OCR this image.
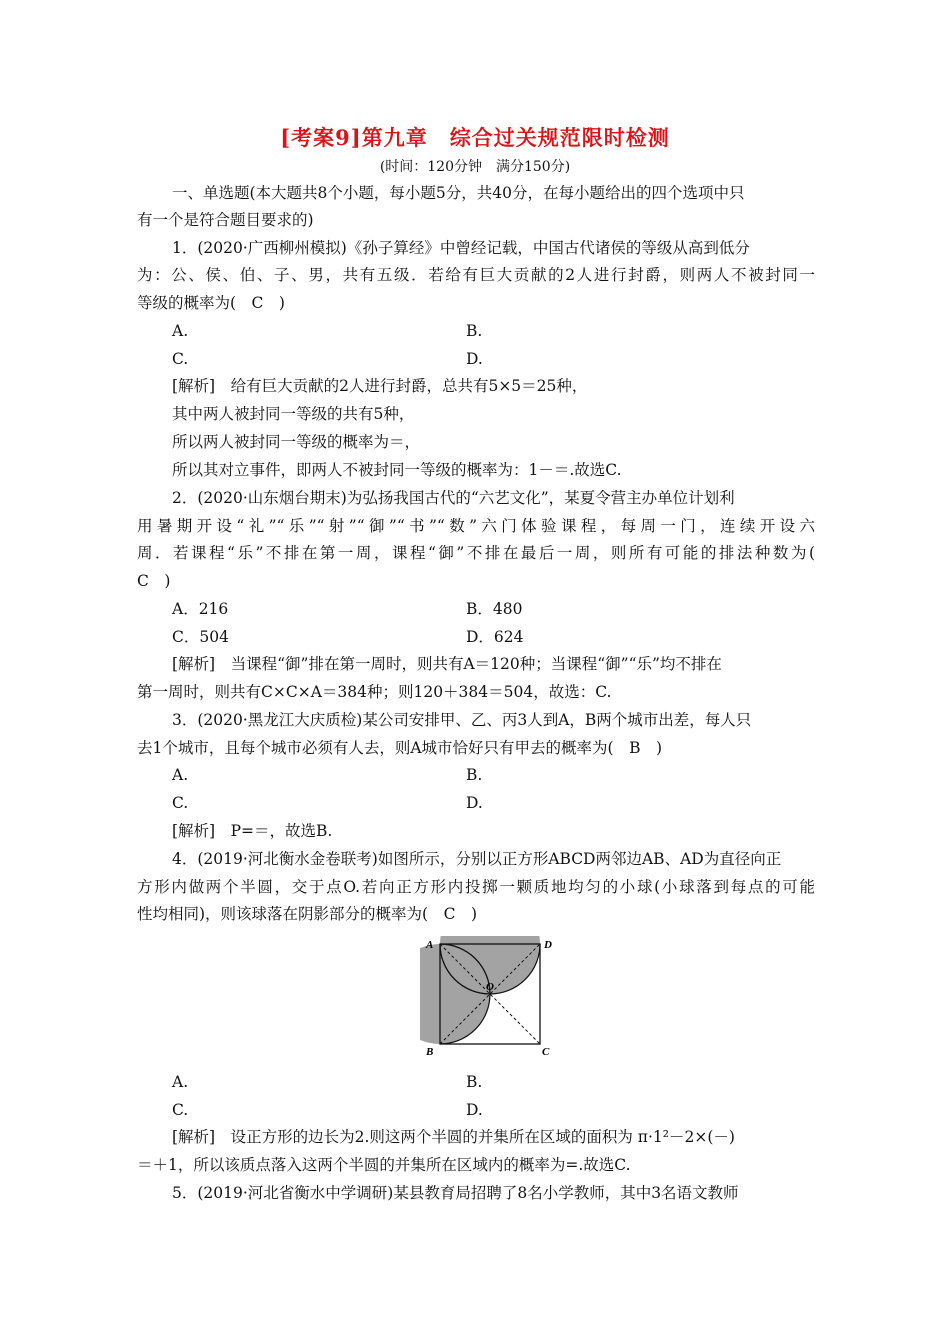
[考案9]第九章　综合过关规范限时检测
(时间：120分钟　满分150分)
一、单选题(本大题共8个小题，每小题5分，共40分，在每小题给出的四个选项中只
有一个是符合题目要求的)
1．(2020·广西柳州模拟)《孙子算经》中曾经记载，中国古代诸侯的等级从高到低分
为：公、侯、伯、子、男，共有五级．若给有巨大贡献的2人进行封爵，则两人不被封同一
等级的概率为(　C　)
A.	B.
C.	D.
[解析]　给有巨大贡献的2人进行封爵，总共有5×5＝25种，
其中两人被封同一等级的共有5种，
所以两人被封同一等级的概率为＝，
所以其对立事件，即两人不被封同一等级的概率为：1－＝.故选C.
2．(2020·山东烟台期末)为弘扬我国古代的“六艺文化”，某夏令营主办单位计划利
用暑期开设“礼”“乐”“射”“御”“书”“数”六门体验课程，每周一门，连续开设六
周．若课程“乐”不排在第一周，课程“御”不排在最后一周，则所有可能的排法种数为(
C　)
A．216	B．480
C．504	D．624
[解析]　当课程“御”排在第一周时，则共有A＝120种；当课程“御”“乐”均不排在
第一周时，则共有C×C×A＝384种；则120＋384＝504，故选：C.
3．(2020·黑龙江大庆质检)某公司安排甲、乙、丙3人到A，B两个城市出差，每人只
去1个城市，且每个城市必须有人去，则A城市恰好只有甲去的概率为(　B　)
A.	B.
C.	D.
[解析]　P=＝，故选B.
4．(2019·河北衡水金卷联考)如图所示，分别以正方形ABCD两邻边AB、AD为直径向正
方形内做两个半圆，交于点O.若向正方形内投掷一颗质地均匀的小球(小球落到每点的可能
性均相同)，则该球落在阴影部分的概率为(　C　)
A	D
B	C
O
A.	B.
C.	D.
[解析]　设正方形的边长为2.则这两个半圆的并集所在区域的面积为 π·1²－2×(－)
＝＋1，所以该质点落入这两个半圆的并集所在区域内的概率为=.故选C.
5．(2019·河北省衡水中学调研)某县教育局招聘了8名小学教师，其中3名语文教师
